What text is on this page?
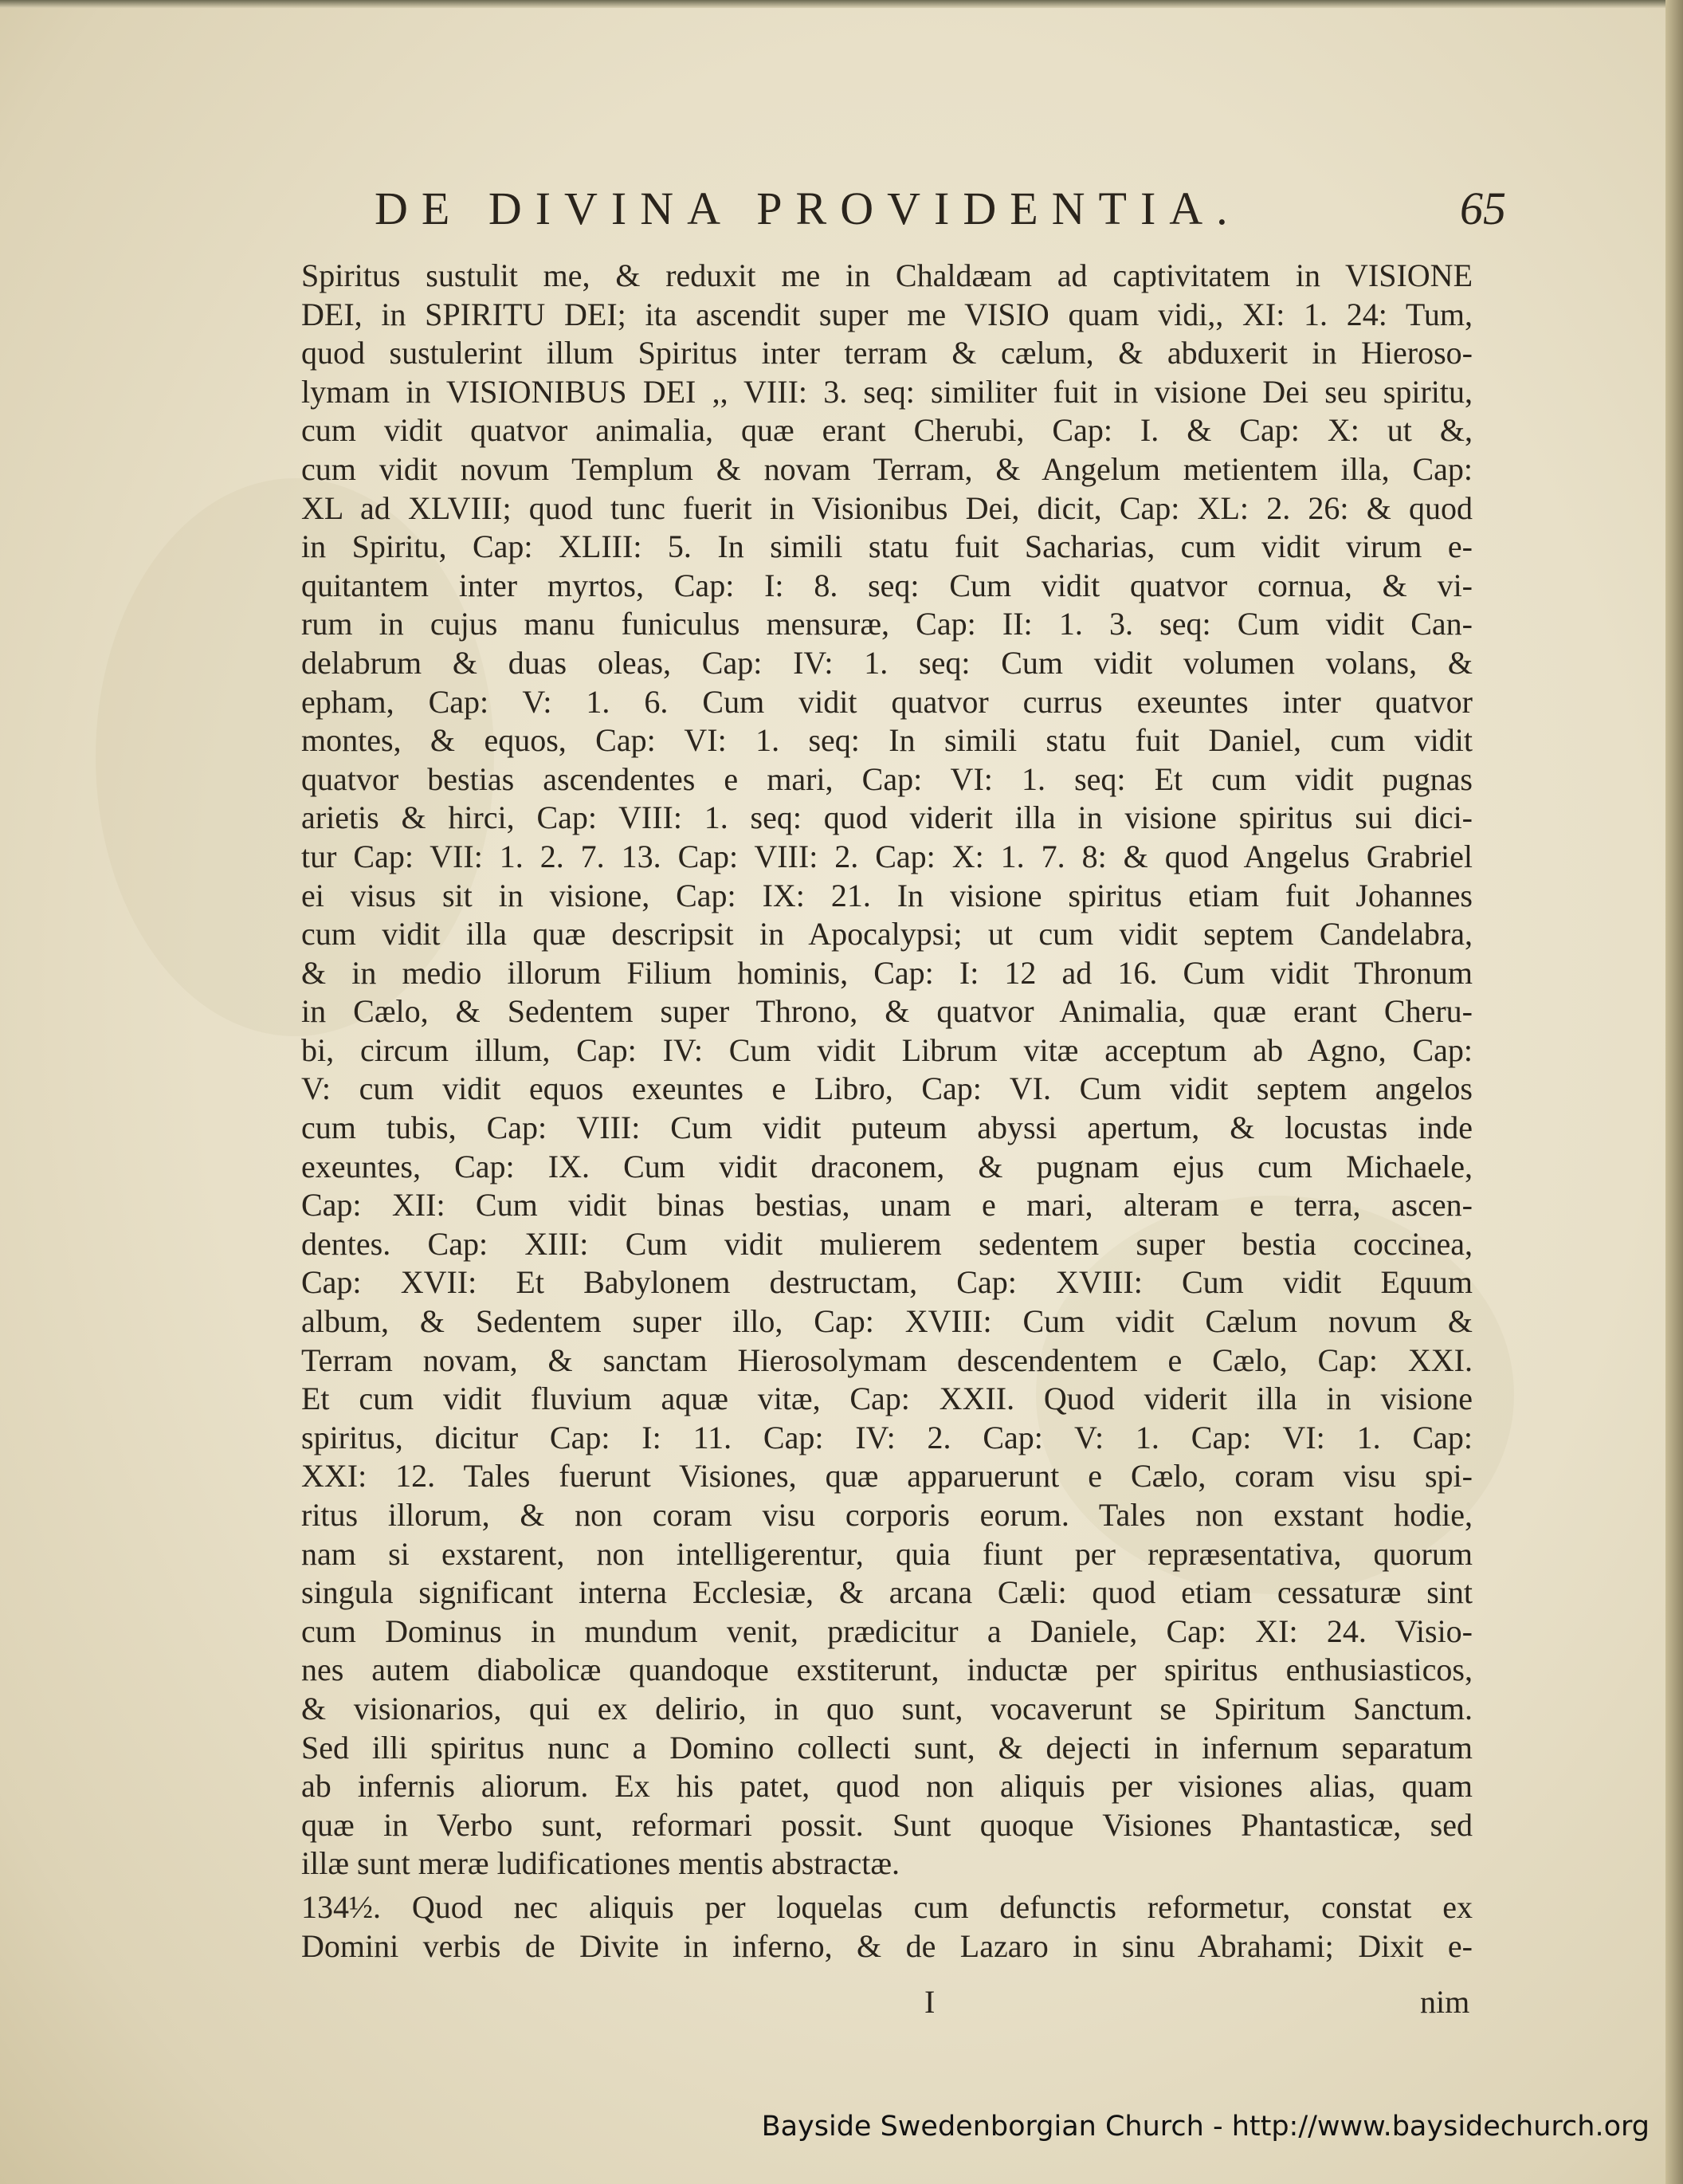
DE DIVINA PROVIDENTIA.	65
Spiritus sustulit me, & reduxit me in Chaldæam ad captivitatem in VISIONE
DEI, in SPIRITU DEI; ita ascendit super me VISIO quam vidi,, XI: 1. 24: Tum,
quod sustulerint illum Spiritus inter terram & cælum, & abduxerit in Hieroso-
lymam in VISIONIBUS DEI ,, VIII: 3. seq: similiter fuit in visione Dei seu spiritu,
cum vidit quatvor animalia, quæ erant Cherubi, Cap: I. & Cap: X: ut &,
cum vidit novum Templum & novam Terram, & Angelum metientem illa, Cap:
XL ad XLVIII; quod tunc fuerit in Visionibus Dei, dicit, Cap: XL: 2. 26: & quod
in Spiritu, Cap: XLIII: 5. In simili statu fuit Sacharias, cum vidit virum e-
quitantem inter myrtos, Cap: I: 8. seq: Cum vidit quatvor cornua, & vi-
rum in cujus manu funiculus mensuræ, Cap: II: 1. 3. seq: Cum vidit Can-
delabrum & duas oleas, Cap: IV: 1. seq: Cum vidit volumen volans, &
epham, Cap: V: 1. 6. Cum vidit quatvor currus exeuntes inter quatvor
montes, & equos, Cap: VI: 1. seq: In simili statu fuit Daniel, cum vidit
quatvor bestias ascendentes e mari, Cap: VI: 1. seq: Et cum vidit pugnas
arietis & hirci, Cap: VIII: 1. seq: quod viderit illa in visione spiritus sui dici-
tur Cap: VII: 1. 2. 7. 13. Cap: VIII: 2. Cap: X: 1. 7. 8: & quod Angelus Grabriel
ei visus sit in visione, Cap: IX: 21. In visione spiritus etiam fuit Johannes
cum vidit illa quæ descripsit in Apocalypsi; ut cum vidit septem Candelabra,
& in medio illorum Filium hominis, Cap: I: 12 ad 16. Cum vidit Thronum
in Cælo, & Sedentem super Throno, & quatvor Animalia, quæ erant Cheru-
bi, circum illum, Cap: IV: Cum vidit Librum vitæ acceptum ab Agno, Cap:
V: cum vidit equos exeuntes e Libro, Cap: VI. Cum vidit septem angelos
cum tubis, Cap: VIII: Cum vidit puteum abyssi apertum, & locustas inde
exeuntes, Cap: IX. Cum vidit draconem, & pugnam ejus cum Michaele,
Cap: XII: Cum vidit binas bestias, unam e mari, alteram e terra, ascen-
dentes. Cap: XIII: Cum vidit mulierem sedentem super bestia coccinea,
Cap: XVII: Et Babylonem destructam, Cap: XVIII: Cum vidit Equum
album, & Sedentem super illo, Cap: XVIII: Cum vidit Cælum novum &
Terram novam, & sanctam Hierosolymam descendentem e Cælo, Cap: XXI.
Et cum vidit fluvium aquæ vitæ, Cap: XXII. Quod viderit illa in visione
spiritus, dicitur Cap: I: 11. Cap: IV: 2. Cap: V: 1. Cap: VI: 1. Cap:
XXI: 12. Tales fuerunt Visiones, quæ apparuerunt e Cælo, coram visu spi-
ritus illorum, & non coram visu corporis eorum. Tales non exstant hodie,
nam si exstarent, non intelligerentur, quia fiunt per repræsentativa, quorum
singula significant interna Ecclesiæ, & arcana Cæli: quod etiam cessaturæ sint
cum Dominus in mundum venit, prædicitur a Daniele, Cap: XI: 24. Visio-
nes autem diabolicæ quandoque exstiterunt, inductæ per spiritus enthusiasticos,
& visionarios, qui ex delirio, in quo sunt, vocaverunt se Spiritum Sanctum.
Sed illi spiritus nunc a Domino collecti sunt, & dejecti in infernum separatum
ab infernis aliorum. Ex his patet, quod non aliquis per visiones alias, quam
quæ in Verbo sunt, reformari possit. Sunt quoque Visiones Phantasticæ, sed
illæ sunt meræ ludificationes mentis abstractæ.
134½. Quod nec aliquis per loquelas cum defunctis reformetur, constat ex
Domini verbis de Divite in inferno, & de Lazaro in sinu Abrahami; Dixit e-
I	nim
Bayside Swedenborgian Church - http://www.baysidechurch.org
